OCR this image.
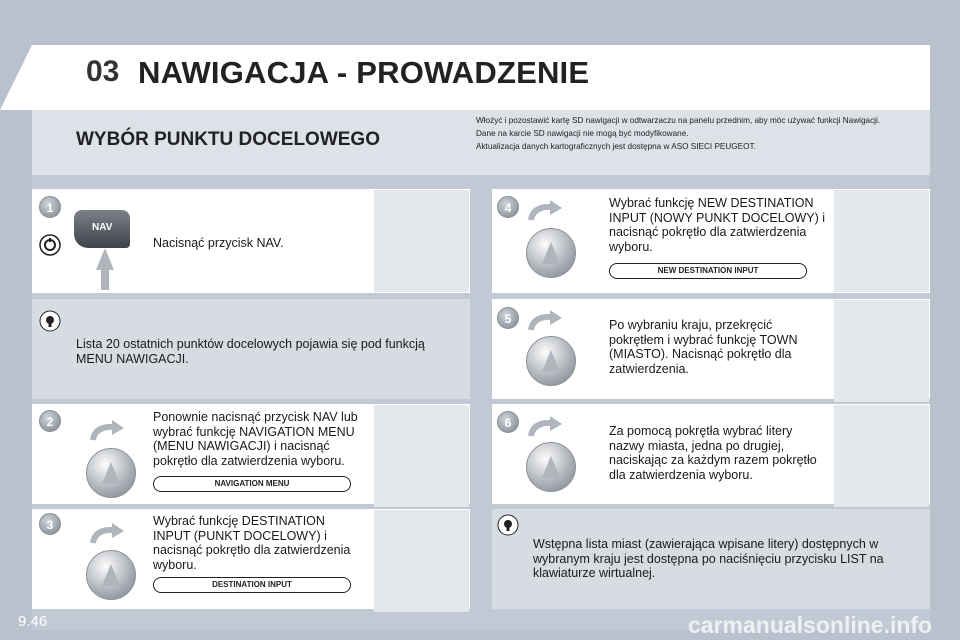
03 NAWIGACJA - PROWADZENIE
WYBÓR PUNKTU DOCELOWEGO
Włożyć i pozostawić kartę SD nawigacji w odtwarzaczu na panelu przednim, aby móc używać funkcji Nawigacji.
Dane na karcie SD nawigacji nie mogą być modyfikowane.
Aktualizacja danych kartograficznych jest dostępna w ASO SIECI PEUGEOT.
1
NAV
Nacisnąć przycisk NAV.
Lista 20 ostatnich punktów docelowych pojawia się pod funkcją MENU NAWIGACJI.
2	Ponownie nacisnąć przycisk NAV lub wybrać funkcję NAVIGATION MENU (MENU NAWIGACJI) i nacisnąć pokrętło dla zatwierdzenia wyboru.
NAVIGATION MENU
3	Wybrać funkcję DESTINATION INPUT (PUNKT DOCELOWY) i nacisnąć pokrętło dla zatwierdzenia wyboru.
DESTINATION INPUT
4	Wybrać funkcję NEW DESTINATION INPUT (NOWY PUNKT DOCELOWY) i nacisnąć pokrętło dla zatwierdzenia wyboru.
NEW DESTINATION INPUT
5	Po wybraniu kraju, przekręcić pokrętłem i wybrać funkcję TOWN (MIASTO). Nacisnąć pokrętło dla zatwierdzenia.
6
Za pomocą pokrętła wybrać litery nazwy miasta, jedna po drugiej, naciskając za każdym razem pokrętło dla zatwierdzenia wyboru.
Wstępna lista miast (zawierająca wpisane litery) dostępnych w wybranym kraju jest dostępna po naciśnięciu przycisku LIST na klawiaturze wirtualnej.
9.46	carmanualsonline.info
